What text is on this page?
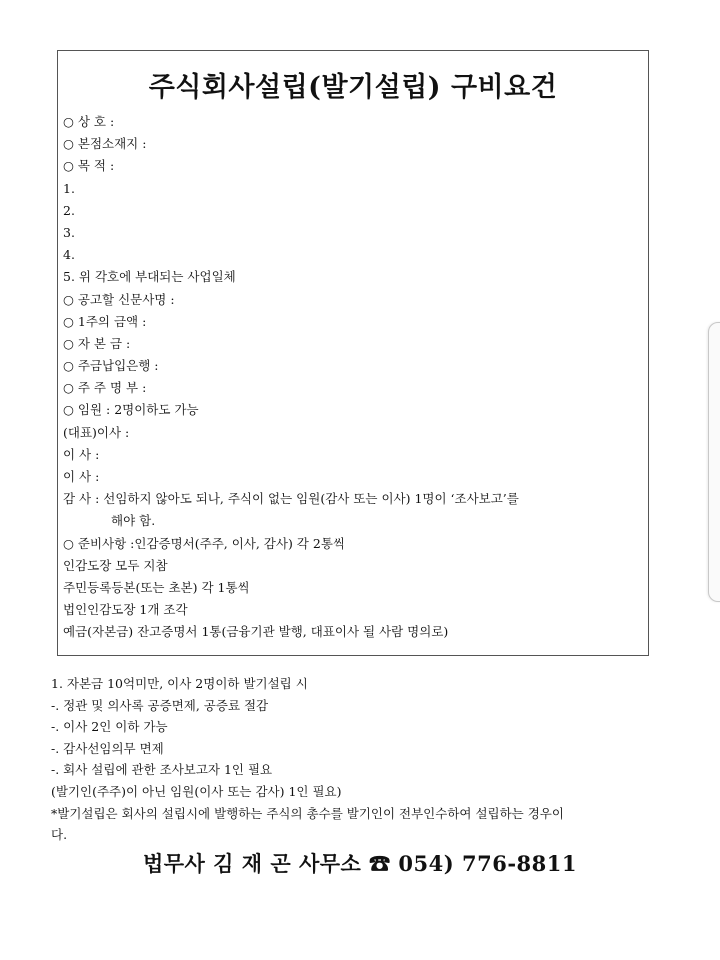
주식회사설립(발기설립) 구비요건
○ 상 호 :
○ 본점소재지 :
○ 목 적 :
1.
2.
3.
4.
5. 위 각호에 부대되는 사업일체
○ 공고할 신문사명 :
○ 1주의 금액 :
○ 자 본 금 :
○ 주금납입은행 :
○ 주 주 명 부 :
○ 임원 : 2명이하도 가능
(대표)이사 :
이 사 :
이 사 :
감 사 : 선임하지 않아도 되나, 주식이 없는 임원(감사 또는 이사) 1명이 ‘조사보고’를
해야 함.
○ 준비사항 :인감증명서(주주, 이사, 감사) 각 2통씩
인감도장 모두 지참
주민등록등본(또는 초본) 각 1통씩
법인인감도장 1개 조각
예금(자본금) 잔고증명서 1통(금융기관 발행, 대표이사 될 사람 명의로)
1. 자본금 10억미만, 이사 2명이하 발기설립 시
-. 정관 및 의사록 공증면제, 공증료 절감
-. 이사 2인 이하 가능
-. 감사선임의무 면제
-. 회사 설립에 관한 조사보고자 1인 필요
(발기인(주주)이 아닌 임원(이사 또는 감사) 1인 필요)
*발기설립은 회사의 설립시에 발행하는 주식의 총수를 발기인이 전부인수하여 설립하는 경우이
다.
법무사 김 재 곤 사무소 ☎ 054) 776-8811
